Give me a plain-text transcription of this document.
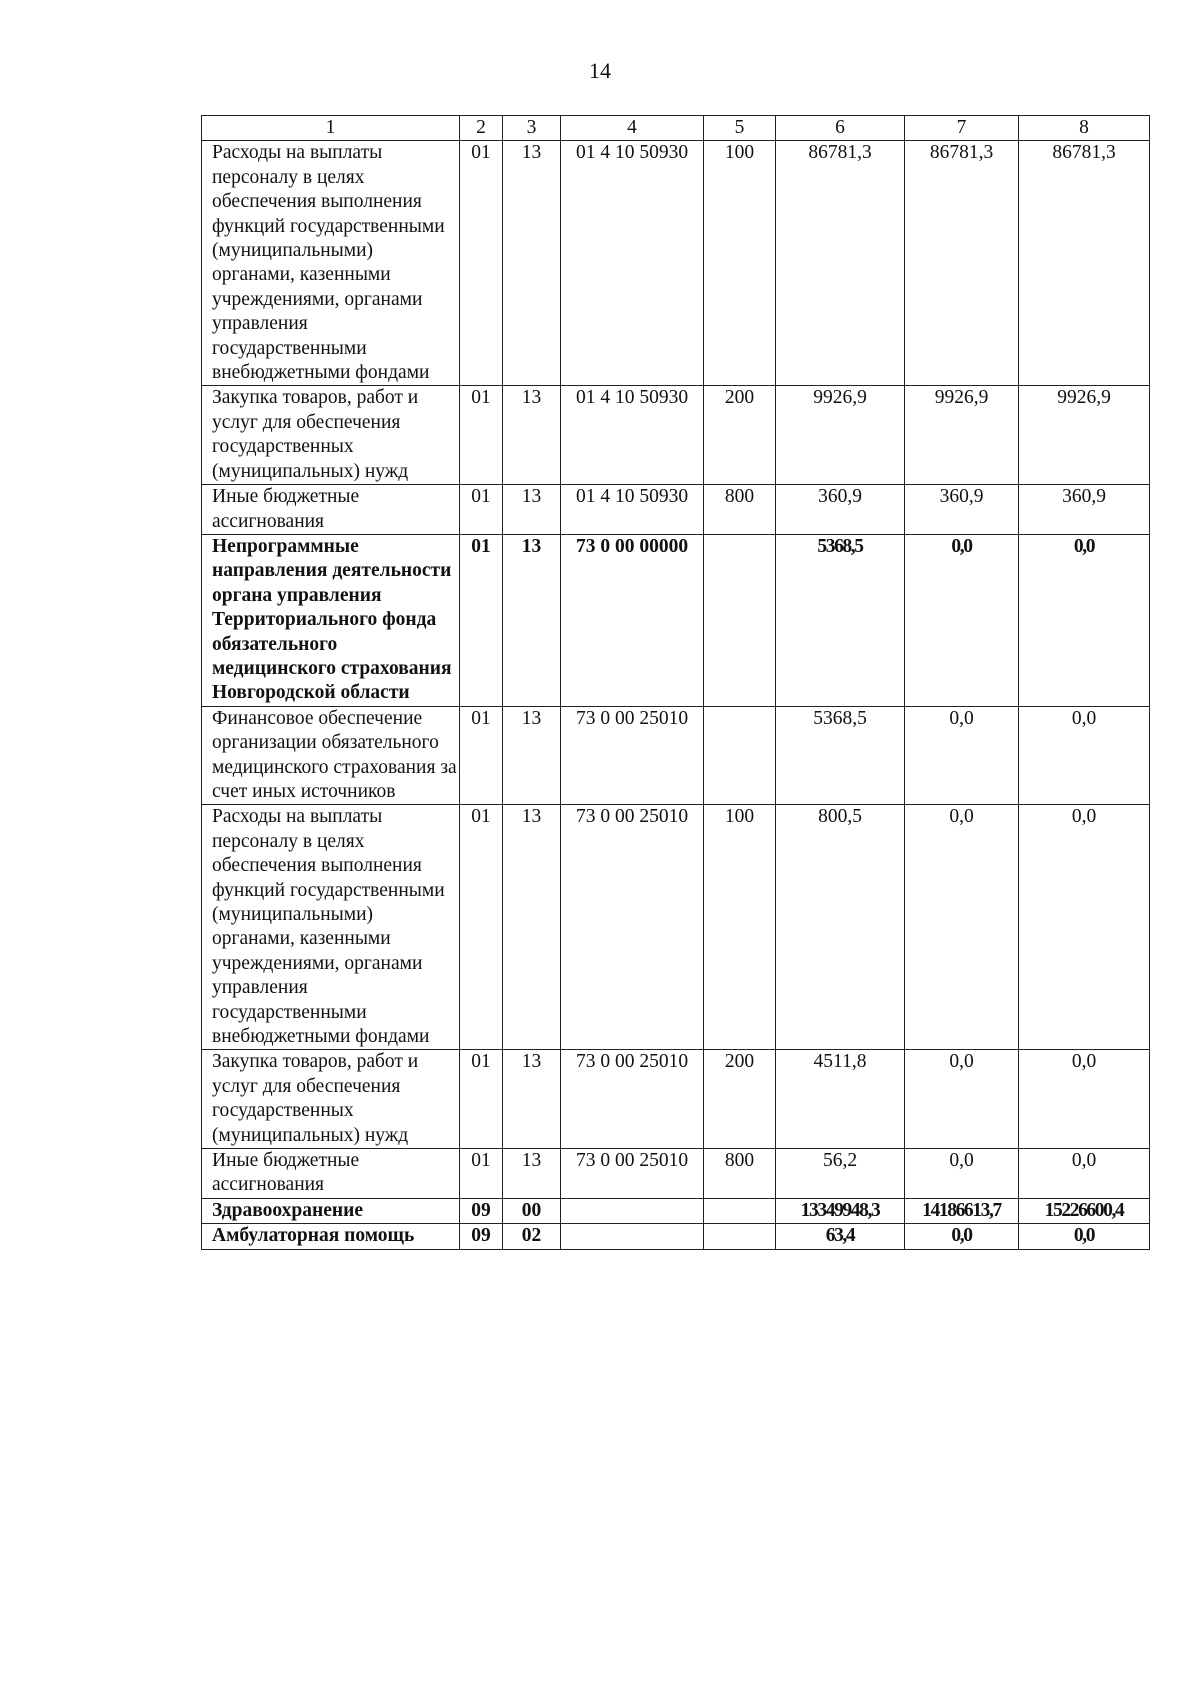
14
1	2	3	4	5	6	7	8
Расходы на выплаты персоналу в целях обеспечения выполнения функций государственными (муниципальными) органами, казенными учреждениями, органами управления государственными внебюджетными фондами	01	13	01 4 10 50930	100	86781,3	86781,3	86781,3
Закупка товаров, работ и услуг для обеспечения государственных (муниципальных) нужд	01	13	01 4 10 50930	200	9926,9	9926,9	9926,9
Иные бюджетные ассигнования	01	13	01 4 10 50930	800	360,9	360,9	360,9
Непрограммные направления деятельности органа управления Территориального фонда обязательного медицинского страхования Новгородской области	01	13	73 0 00 00000		5368,5	0,0	0,0
Финансовое обеспечение организации обязательного медицинского страхования за счет иных источников	01	13	73 0 00 25010		5368,5	0,0	0,0
Расходы на выплаты персоналу в целях обеспечения выполнения функций государственными (муниципальными) органами, казенными учреждениями, органами управления государственными внебюджетными фондами	01	13	73 0 00 25010	100	800,5	0,0	0,0
Закупка товаров, работ и услуг для обеспечения государственных (муниципальных) нужд	01	13	73 0 00 25010	200	4511,8	0,0	0,0
Иные бюджетные ассигнования	01	13	73 0 00 25010	800	56,2	0,0	0,0
Здравоохранение	09	00			13349948,3	14186613,7	15226600,4
Амбулаторная помощь	09	02			63,4	0,0	0,0
